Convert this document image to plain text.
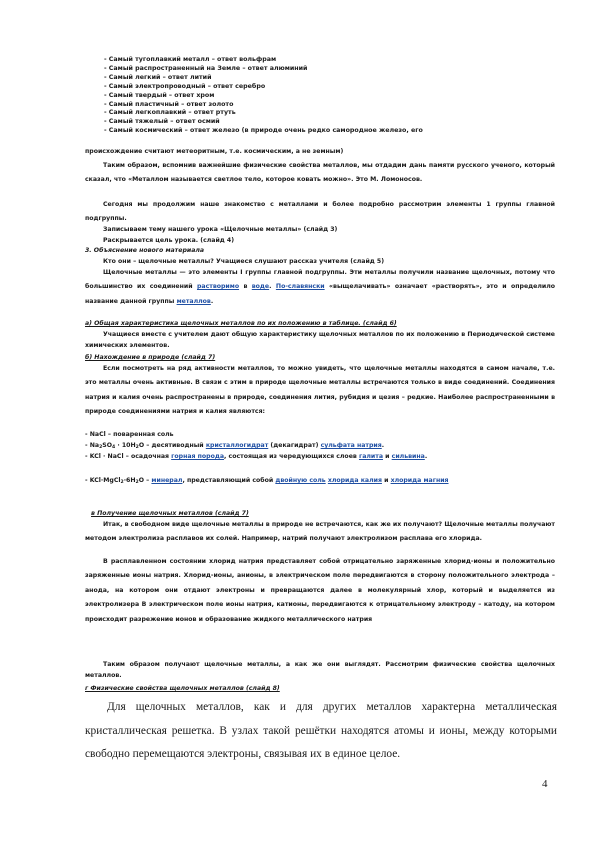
- Самый тугоплавкий металл – ответ вольфрам
- Самый распространенный на Земле – ответ алюминий
- Самый легкий – ответ литий
- Самый электропроводный – ответ серебро
- Самый твердый – ответ хром
- Самый пластичный – ответ золото
- Самый легкоплавкий – ответ ртуть
- Самый тяжелый – ответ осмий
- Самый космический – ответ железо (в природе очень редко самородное железо, его

происхождение считают метеоритным, т.е. космическим, а не земным)

Таким образом, вспомнив важнейшие физические свойства металлов, мы отдадим дань памяти русского ученого, который сказал, что «Металлом называется светлое тело, которое ковать можно». Это М. Ломоносов.

Сегодня мы продолжим наше знакомство с металлами и более подробно рассмотрим элементы 1 группы главной подгруппы.

Записываем тему нашего урока «Щелочные металлы» (слайд 3)

Раскрывается цель урока. (слайд 4)

3. Объяснение нового материала

Кто они – щелочные металлы? Учащиеся слушают рассказ учителя (слайд 5)

Щелочные металлы — это элементы I группы главной подгруппы. Эти металлы получили название щелочных, потому что большинство их соединений растворимо в воде. По-славянски «выщелачивать» означает «растворять», это и определило название данной группы металлов.

а) Общая характеристика щелочных металлов по их положению в таблице. (слайд 6)

Учащиеся вместе с учителем дают общую характеристику щелочных металлов по их положению в Периодической системе химических элементов.

б) Нахождение в природе (слайд 7)

Если посмотреть на ряд активности металлов, то можно увидеть, что щелочные металлы находятся в самом начале, т.е. это металлы очень активные. В связи с этим в природе щелочные металлы встречаются только в виде соединений. Соединения натрия и калия очень распространены в природе, соединения лития, рубидия и цезия – редкие. Наиболее распространенными в природе соединениями натрия и калия являются:

- NaCl – поваренная соль

- $Na_2SO_4 \cdot 10H_2O$ – десятиводный кристаллогидрат (декагидрат) сульфата натрия.

- KCl · NaCl – осадочная горная порода, состоящая из чередующихся слоев галита и сильвина.

- $KCl\cdot MgCl_2\cdot 6H_2O$ – минерал, представляющий собой двойную соль хлорида калия и хлорида магния

в Получение щелочных металлов (слайд 7)

Итак, в свободном виде щелочные металлы в природе не встречаются, как же их получают? Щелочные металлы получают методом электролиза расплавов их солей. Например, натрий получают электролизом расплава его хлорида.

В расплавленном состоянии хлорид натрия представляет собой отрицательно заряженные хлорид-ионы и положительно заряженные ионы натрия. Хлорид-ионы, анионы, в электрическом поле передвигаются в сторону положительного электрода – анода, на котором они отдают электроны и превращаются далее в молекулярный хлор, который и выделяется из электролизера В электрическом поле ионы натрия, катионы, передвигаются к отрицательному электроду – катоду, на котором происходит разрежение ионов и образование жидкого металлического натрия

Таким образом получают щелочные металлы, а как же они выглядят. Рассмотрим физические свойства щелочных металлов.

г Физические свойства щелочных металлов (слайд 8)

Для щелочных металлов, как и для других металлов характерна металлическая кристаллическая решетка. В узлах такой решётки находятся атомы и ионы, между которыми свободно перемещаются электроны, связывая их в единое целое.

4
